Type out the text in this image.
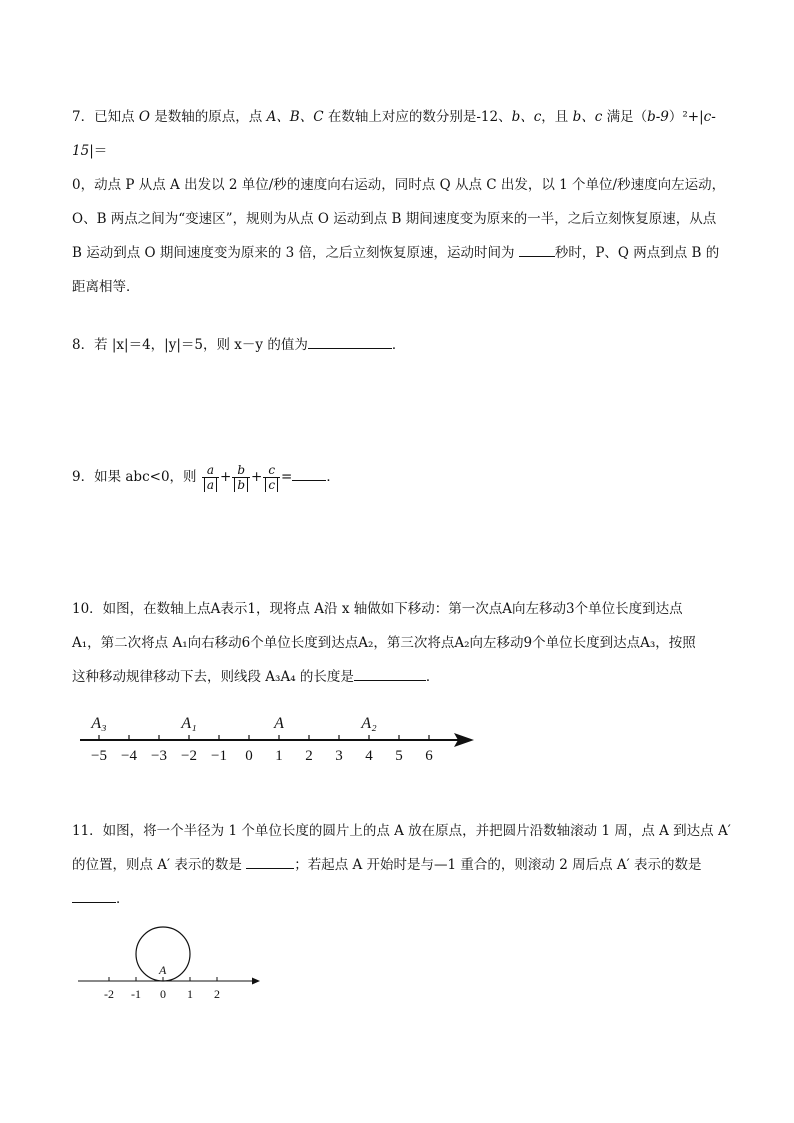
7．已知点 O 是数轴的原点，点 A、B、C 在数轴上对应的数分别是-12、b、c，且 b、c 满足（b-9）²+|c-15|＝

0，动点 P 从点 A 出发以 2 单位/秒的速度向右运动，同时点 Q 从点 C 出发，以 1 个单位/秒速度向左运动，

O、B 两点之间为“变速区”，规则为从点 O 运动到点 B 期间速度变为原来的一半，之后立刻恢复原速，从点

B 运动到点 O 期间速度变为原来的 3 倍，之后立刻恢复原速，运动时间为	秒时，P、Q 两点到点 B 的

距离相等．

8．若 |x|＝4，|y|＝5，则 x－y 的值为	．

9．如果 abc<0，则 $\frac{a}{a} + \frac{b}{b} + \frac{c}{c}$ =	．

10．如图，在数轴上点A表示1，现将点 A沿 x 轴做如下移动：第一次点A向左移动3个单位长度到达点

A₁，第二次将点 A₁向右移动6个单位长度到达点A₂，第三次将点A₂向左移动9个单位长度到达点A₃，按照

这种移动规律移动下去，则线段 A₃A₄ 的长度是	．

−5 −4 −3 −2 −1 0 1 2 3 4 5 6
A₃	A₁	A	A₂

11．如图，将一个半径为 1 个单位长度的圆片上的点 A 放在原点，并把圆片沿数轴滚动 1 周，点 A 到达点 A′

的位置，则点 A′ 表示的数是	；若起点 A 开始时是与—1 重合的，则滚动 2 周后点 A′ 表示的数是

．

A
-2 -1 0 1 2
